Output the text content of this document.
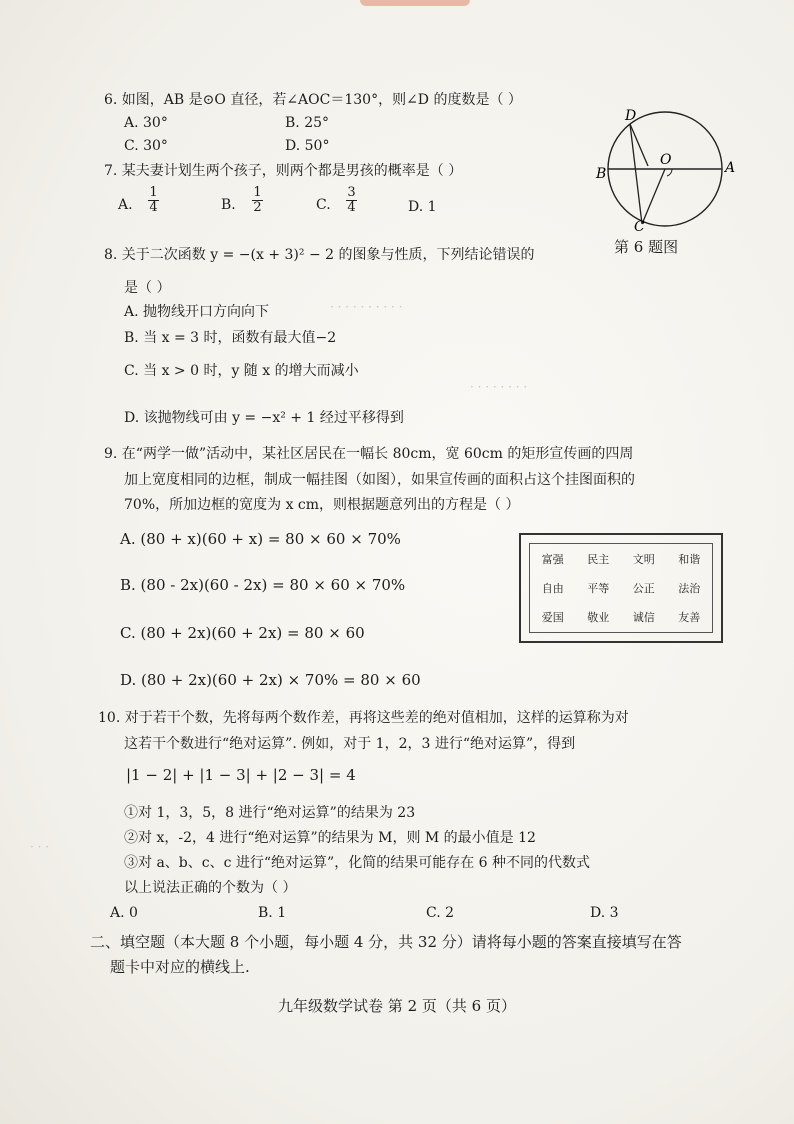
· · · · · · · · · ·
· · · · · · · ·
· · ·
6. 如图，AB 是⊙O 直径，若∠AOC＝130°，则∠D 的度数是（ ）
A. 30°	B. 25°
C. 30°	D. 50°
D
O	A
B
C
第 6 题图
7. 某夫妻计划生两个孩子，则两个都是男孩的概率是（ ）
A.
1
4	B.
1
2	C.
3
4	D. 1
8. 关于二次函数 y = −(x + 3)² − 2 的图象与性质，下列结论错误的
是（ ）
A. 抛物线开口方向向下
B. 当 x = 3 时，函数有最大值−2
C. 当 x > 0 时，y 随 x 的增大而减小
D. 该抛物线可由 y = −x² + 1 经过平移得到
9. 在“两学一做”活动中，某社区居民在一幅长 80cm，宽 60cm 的矩形宣传画的四周
加上宽度相同的边框，制成一幅挂图（如图），如果宣传画的面积占这个挂图面积的
70%，所加边框的宽度为 x cm，则根据题意列出的方程是（ ）
A. (80 + x)(60 + x) = 80 × 60 × 70%
B. (80 - 2x)(60 - 2x) = 80 × 60 × 70%
C. (80 + 2x)(60 + 2x) = 80 × 60
D. (80 + 2x)(60 + 2x) × 70% = 80 × 60
富强	民主	文明	和谐
自由	平等	公正	法治
爱国	敬业	诚信	友善
10. 对于若干个数，先将每两个数作差，再将这些差的绝对值相加，这样的运算称为对
这若干个数进行“绝对运算”. 例如，对于 1，2，3 进行“绝对运算”，得到
|1 − 2| + |1 − 3| + |2 − 3| = 4
①对 1，3，5，8 进行“绝对运算”的结果为 23
②对 x，-2，4 进行“绝对运算”的结果为 M，则 M 的最小值是 12
③对 a、b、c、c 进行“绝对运算”，化简的结果可能存在 6 种不同的代数式
以上说法正确的个数为（ ）
A. 0	B. 1	C. 2	D. 3
二、填空题（本大题 8 个小题，每小题 4 分，共 32 分）请将每小题的答案直接填写在答
题卡中对应的横线上.
九年级数学试卷 第 2 页（共 6 页）
